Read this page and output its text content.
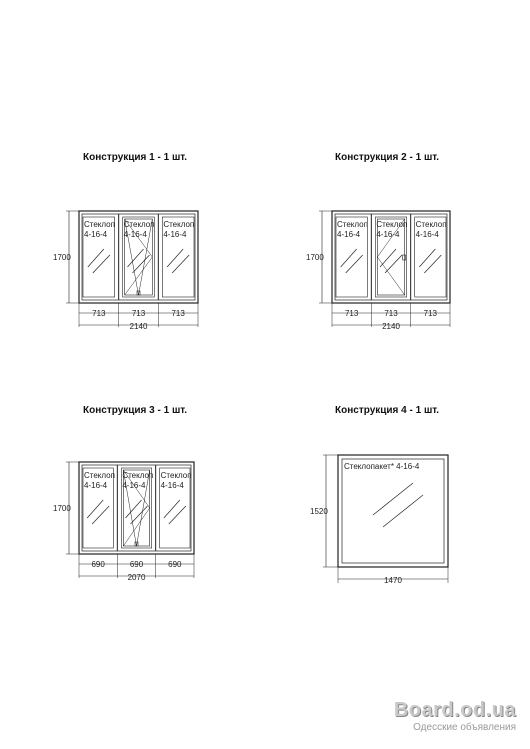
Конструкция 1 - 1 шт.	Конструкция 2 - 1 шт.
Конструкция 3 - 1 шт.	Конструкция 4 - 1 шт.
Стеклоп
4-16-4
Стеклоп
4-16-4
Стеклоп
4-16-4
1700
713	713	713
2140
Стеклоп
4-16-4
Стеклоп
4-16-4
Стеклоп
4-16-4
1700
713	713	713
2140
Стеклоп
4-16-4
Стеклоп
4-16-4
Стеклоп
4-16-4
1700
690	690	690
2070
Стеклопакет* 4-16-4
1520
1470
Board.od.ua
Одесские объявления
